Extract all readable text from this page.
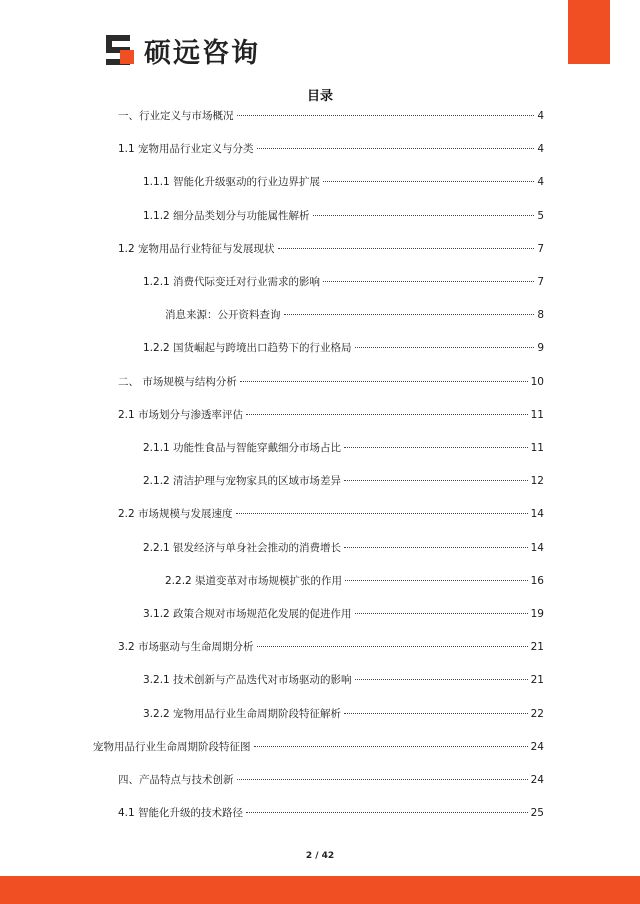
硕远咨询
目录
一、行业定义与市场概况	4
1.1 宠物用品行业定义与分类	4
1.1.1 智能化升级驱动的行业边界扩展	4
1.1.2 细分品类划分与功能属性解析	5
1.2 宠物用品行业特征与发展现状	7
1.2.1 消费代际变迁对行业需求的影响	7
消息来源：公开资料查询	8
1.2.2 国货崛起与跨境出口趋势下的行业格局	9
二、 市场规模与结构分析	10
2.1 市场划分与渗透率评估	11
2.1.1 功能性食品与智能穿戴细分市场占比	11
2.1.2 清洁护理与宠物家具的区域市场差异	12
2.2 市场规模与发展速度	14
2.2.1 银发经济与单身社会推动的消费增长	14
2.2.2 渠道变革对市场规模扩张的作用	16
3.1.2 政策合规对市场规范化发展的促进作用	19
3.2 市场驱动与生命周期分析	21
3.2.1 技术创新与产品迭代对市场驱动的影响	21
3.2.2 宠物用品行业生命周期阶段特征解析	22
宠物用品行业生命周期阶段特征图	24
四、产品特点与技术创新	24
4.1 智能化升级的技术路径	25
2 / 42
